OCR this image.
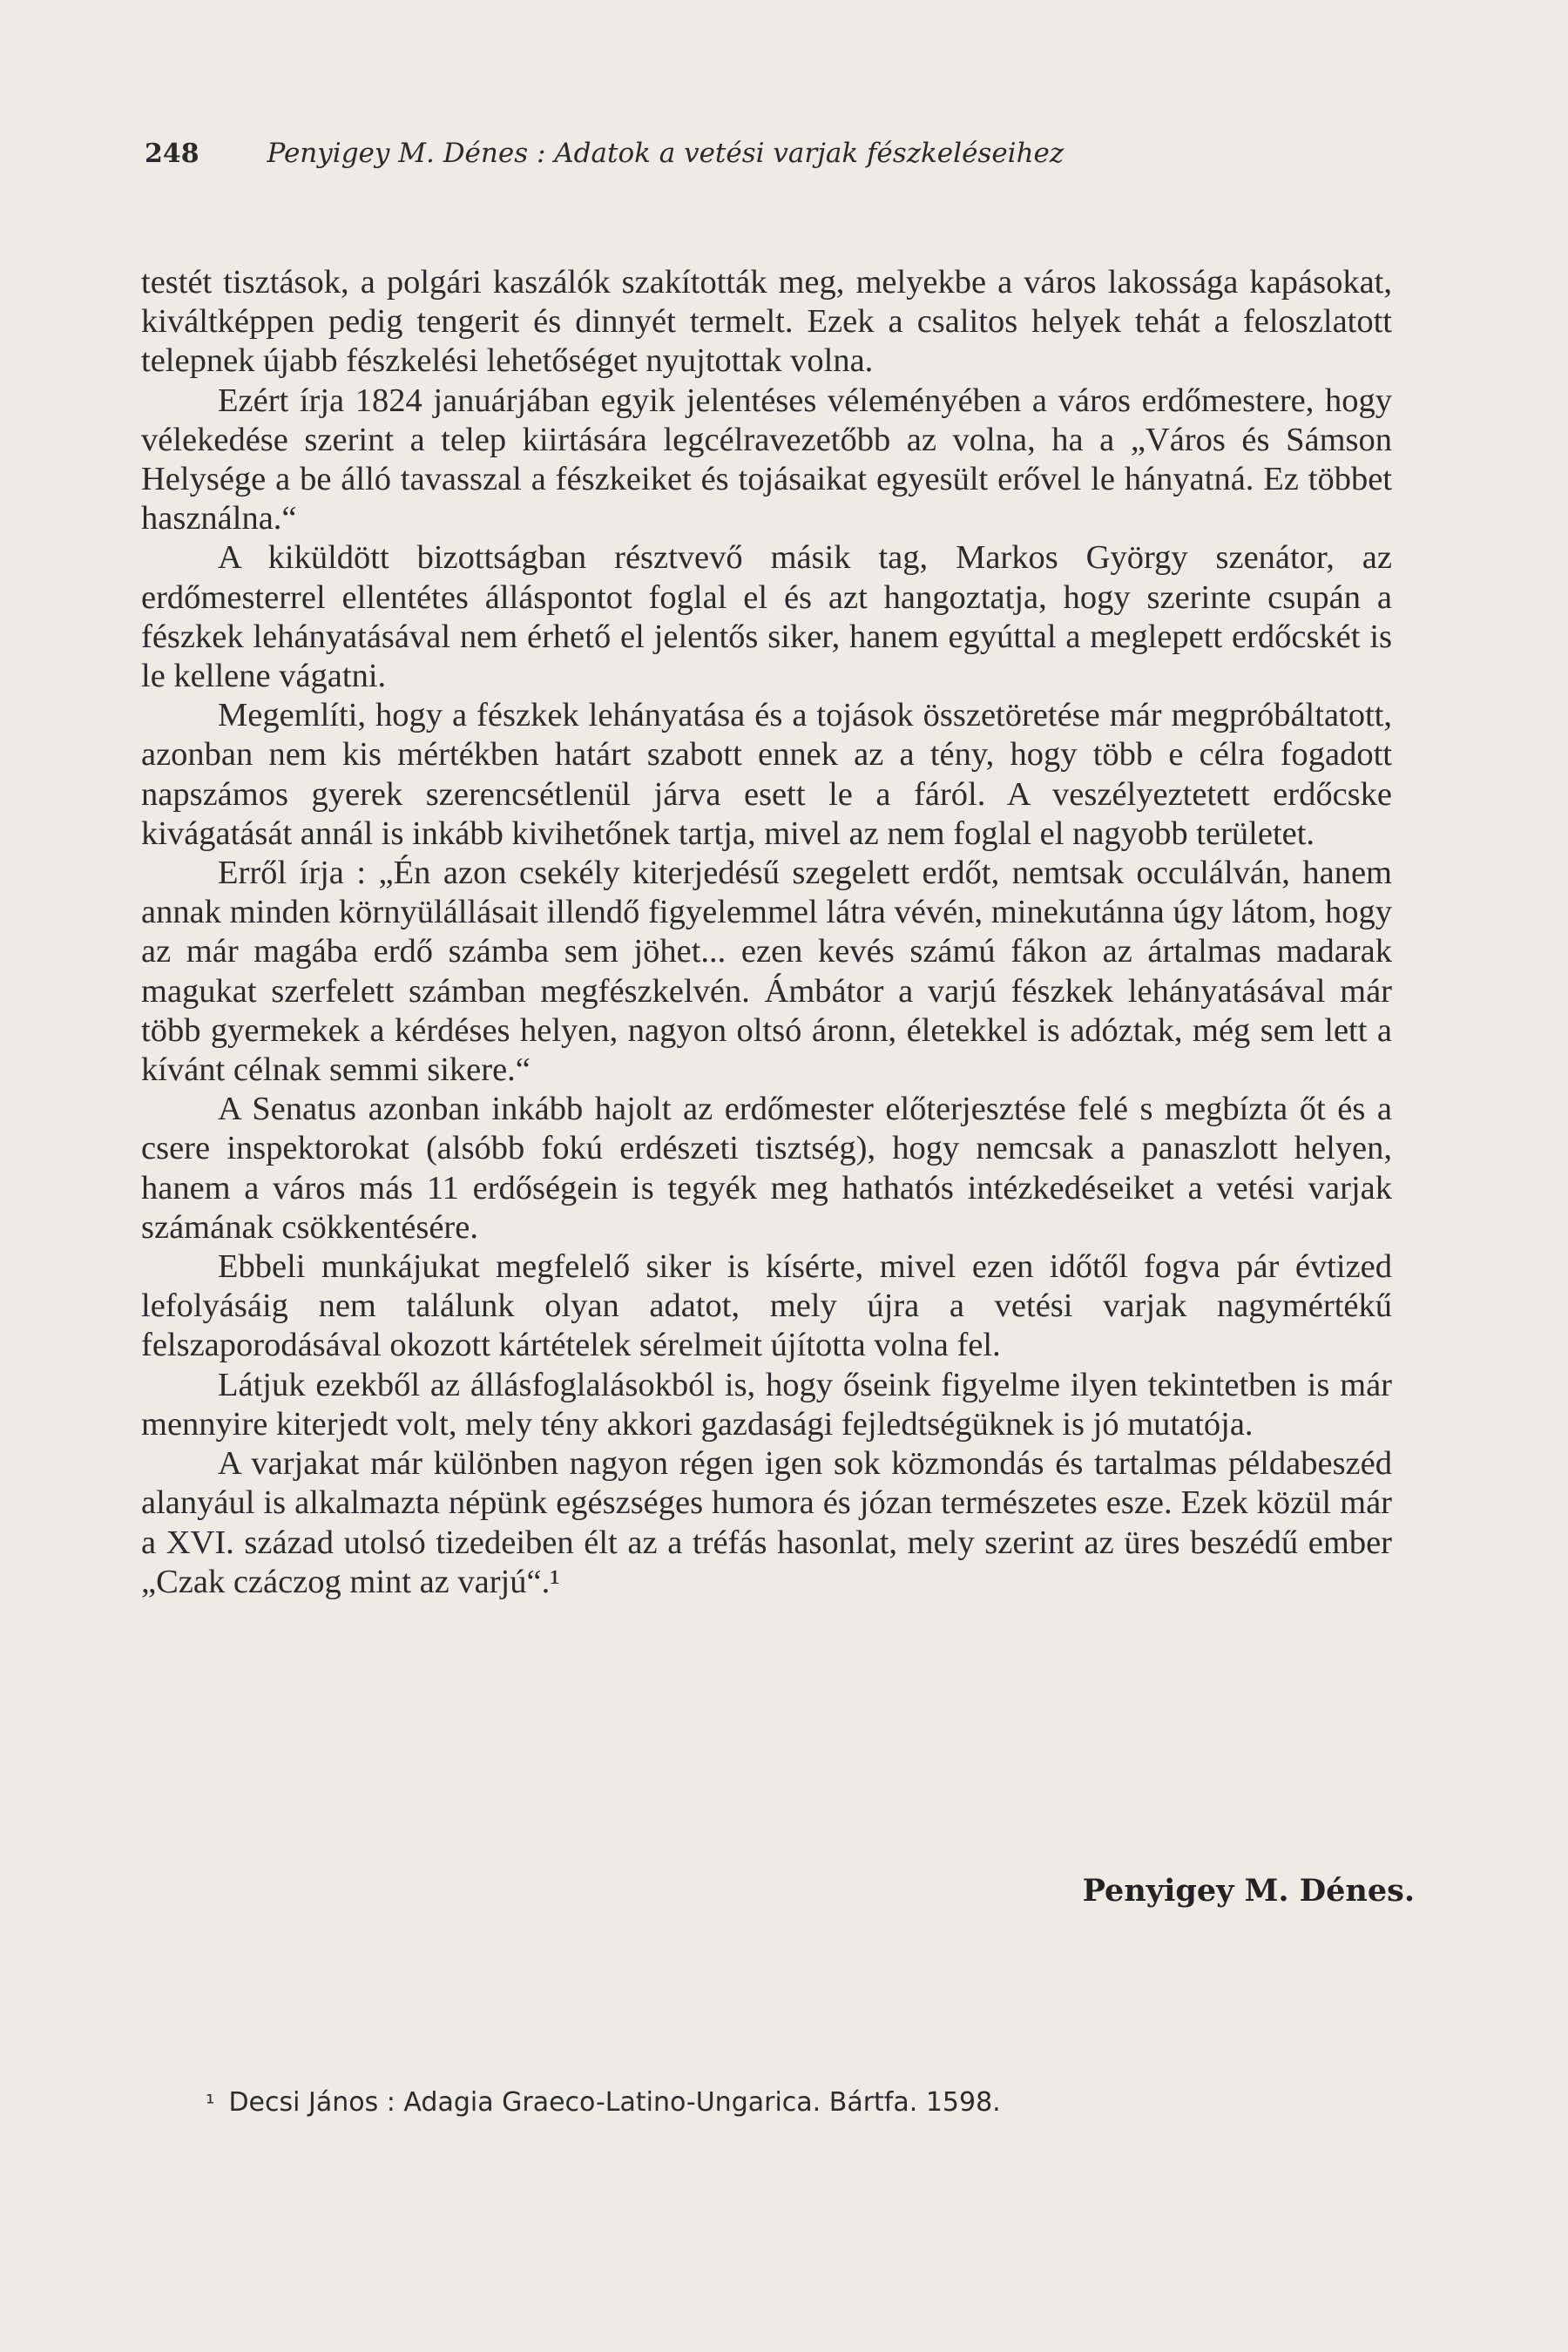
248	Penyigey M. Dénes : Adatok a vetési varjak fészkeléseihez

testét tisztások, a polgári kaszálók szakították meg, melyekbe a város lakossága kapásokat, kiváltképpen pedig tengerit és dinnyét termelt. Ezek a csalitos helyek tehát a feloszlatott telepnek újabb fészkelési lehetőséget nyujtottak volna.

Ezért írja 1824 januárjában egyik jelentéses véleményében a város erdőmestere, hogy vélekedése szerint a telep kiirtására legcélravezetőbb az volna, ha a „Város és Sámson Helysége a be álló tavasszal a fészkeiket és tojásaikat egyesült erővel le hányatná. Ez többet használna.“

A kiküldött bizottságban résztvevő másik tag, Markos György szenátor, az erdőmesterrel ellentétes álláspontot foglal el és azt hangoztatja, hogy szerinte csupán a fészkek lehányatásával nem érhető el jelentős siker, hanem egyúttal a meglepett erdőcskét is le kellene vágatni.

Megemlíti, hogy a fészkek lehányatása és a tojások összetöretése már megpróbáltatott, azonban nem kis mértékben határt szabott ennek az a tény, hogy több e célra fogadott napszámos gyerek szerencsétlenül járva esett le a fáról. A veszélyeztetett erdőcske kivágatását annál is inkább kivihetőnek tartja, mivel az nem foglal el nagyobb területet.

Erről írja : „Én azon csekély kiterjedésű szegelett erdőt, nemtsak occulálván, hanem annak minden környülállásait illendő figyelemmel látra vévén, minekutánna úgy látom, hogy az már magába erdő számba sem jöhet... ezen kevés számú fákon az ártalmas madarak magukat szerfelett számban megfészkelvén. Ámbátor a varjú fészkek lehányatásával már több gyermekek a kérdéses helyen, nagyon oltsó áronn, életekkel is adóztak, még sem lett a kívánt célnak semmi sikere.“

A Senatus azonban inkább hajolt az erdőmester előterjesztése felé s megbízta őt és a csere inspektorokat (alsóbb fokú erdészeti tisztség), hogy nemcsak a panaszlott helyen, hanem a város más 11 erdőségein is tegyék meg hathatós intézkedéseiket a vetési varjak számának csökkentésére.

Ebbeli munkájukat megfelelő siker is kísérte, mivel ezen időtől fogva pár évtized lefolyásáig nem találunk olyan adatot, mely újra a vetési varjak nagymértékű felszaporodásával okozott kártételek sérelmeit újította volna fel.

Látjuk ezekből az állásfoglalásokból is, hogy őseink figyelme ilyen tekintetben is már mennyire kiterjedt volt, mely tény akkori gazdasági fejledtségüknek is jó mutatója.

A varjakat már különben nagyon régen igen sok közmondás és tartalmas példabeszéd alanyául is alkalmazta népünk egészséges humora és józan természetes esze. Ezek közül már a XVI. század utolsó tizedeiben élt az a tréfás hasonlat, mely szerint az üres beszédű ember „Czak czáczog mint az varjú“.¹

Penyigey M. Dénes.
¹ Decsi János : Adagia Graeco-Latino-Ungarica. Bártfa. 1598.
